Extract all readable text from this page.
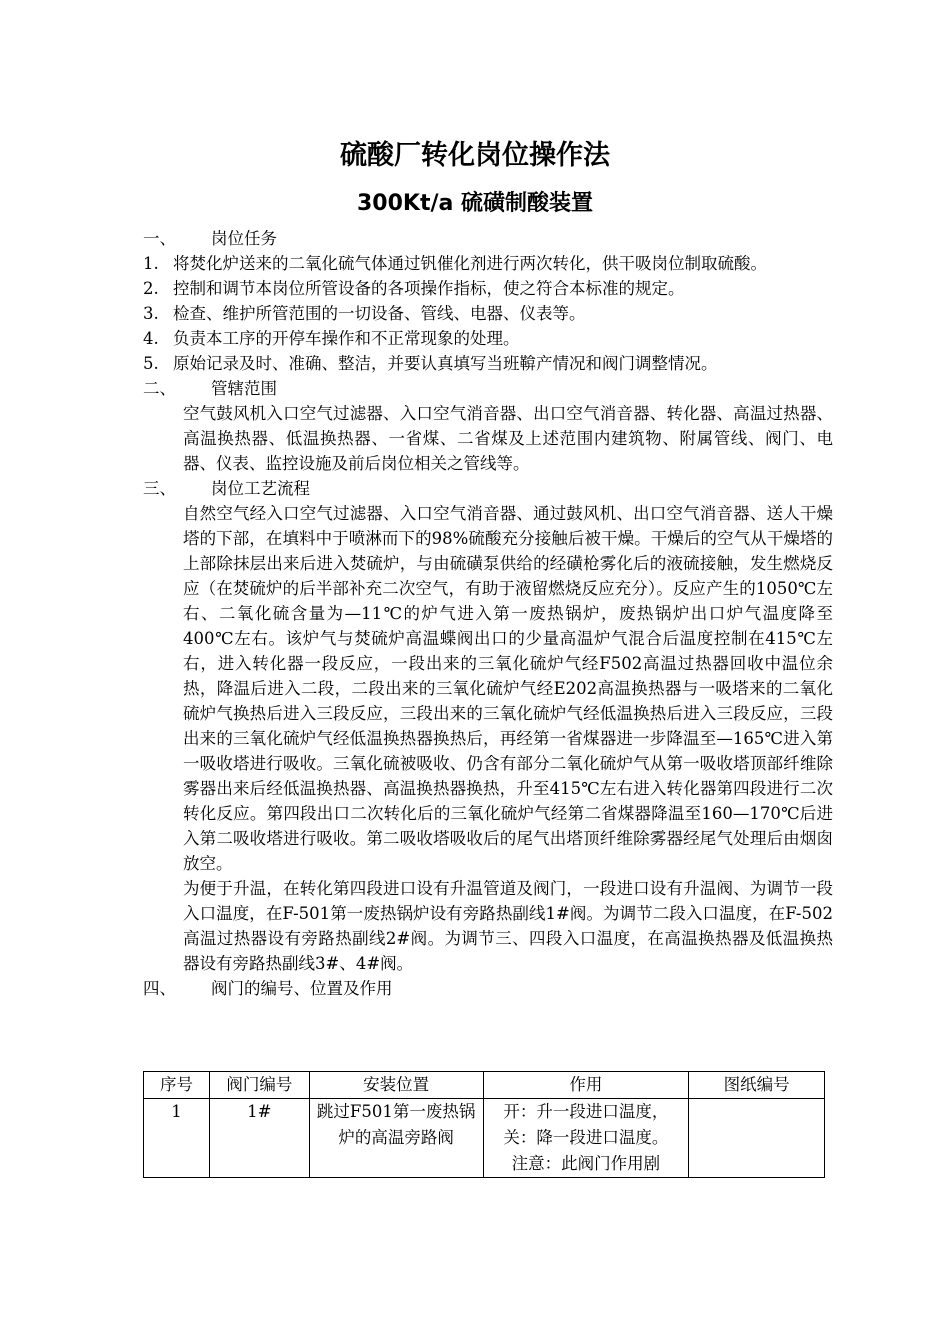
硫酸厂转化岗位操作法
300Kt/a 硫磺制酸装置
一、	岗位任务
1. 将焚化炉送来的二氧化硫气体通过钒催化剂进行两次转化，供干吸岗位制取硫酸。
2. 控制和调节本岗位所管设备的各项操作指标，使之符合本标准的规定。
3. 检查、维护所管范围的一切设备、管线、电器、仪表等。
4. 负责本工序的开停车操作和不正常现象的处理。
5. 原始记录及时、准确、整洁，并要认真填写当班鞥产情况和阀门调整情况。
二、	管辖范围
空气鼓风机入口空气过滤器、入口空气消音器、出口空气消音器、转化器、高温过热器、高温换热器、低温换热器、一省煤、二省煤及上述范围内建筑物、附属管线、阀门、电器、仪表、监控设施及前后岗位相关之管线等。
三、	岗位工艺流程
自然空气经入口空气过滤器、入口空气消音器、通过鼓风机、出口空气消音器、送人干燥塔的下部，在填料中于喷淋而下的98%硫酸充分接触后被干燥。干燥后的空气从干燥塔的上部除抹层出来后进入焚硫炉，与由硫磺泵供给的经磺枪雾化后的液硫接触，发生燃烧反应（在焚硫炉的后半部补充二次空气，有助于液留燃烧反应充分）。反应产生的1050℃左右、二氧化硫含量为—11℃的炉气进入第一废热锅炉，废热锅炉出口炉气温度降至400℃左右。该炉气与焚硫炉高温蝶阀出口的少量高温炉气混合后温度控制在415℃左右，进入转化器一段反应，一段出来的三氧化硫炉气经F502高温过热器回收中温位余热，降温后进入二段，二段出来的三氧化硫炉气经E202高温换热器与一吸塔来的二氧化硫炉气换热后进入三段反应，三段出来的三氧化硫炉气经低温换热后进入三段反应，三段出来的三氧化硫炉气经低温换热器换热后，再经第一省煤器进一步降温至—165℃进入第一吸收塔进行吸收。三氧化硫被吸收、仍含有部分二氧化硫炉气从第一吸收塔顶部纤维除雾器出来后经低温换热器、高温换热器换热，升至415℃左右进入转化器第四段进行二次转化反应。第四段出口二次转化后的三氧化硫炉气经第二省煤器降温至160—170℃后进入第二吸收塔进行吸收。第二吸收塔吸收后的尾气出塔顶纤维除雾器经尾气处理后由烟囱放空。
为便于升温，在转化第四段进口设有升温管道及阀门，一段进口设有升温阀、为调节一段入口温度，在F-501第一废热锅炉设有旁路热副线1#阀。为调节二段入口温度，在F-502高温过热器设有旁路热副线2#阀。为调节三、四段入口温度，在高温换热器及低温换热器设有旁路热副线3#、4#阀。
四、	阀门的编号、位置及作用
序号	阀门编号	安装位置	作用	图纸编号
1	1#	跳过F501第一废热锅炉的高温旁路阀	开：升一段进口温度，关：降一段进口温度。
注意：此阀门作用剧	
